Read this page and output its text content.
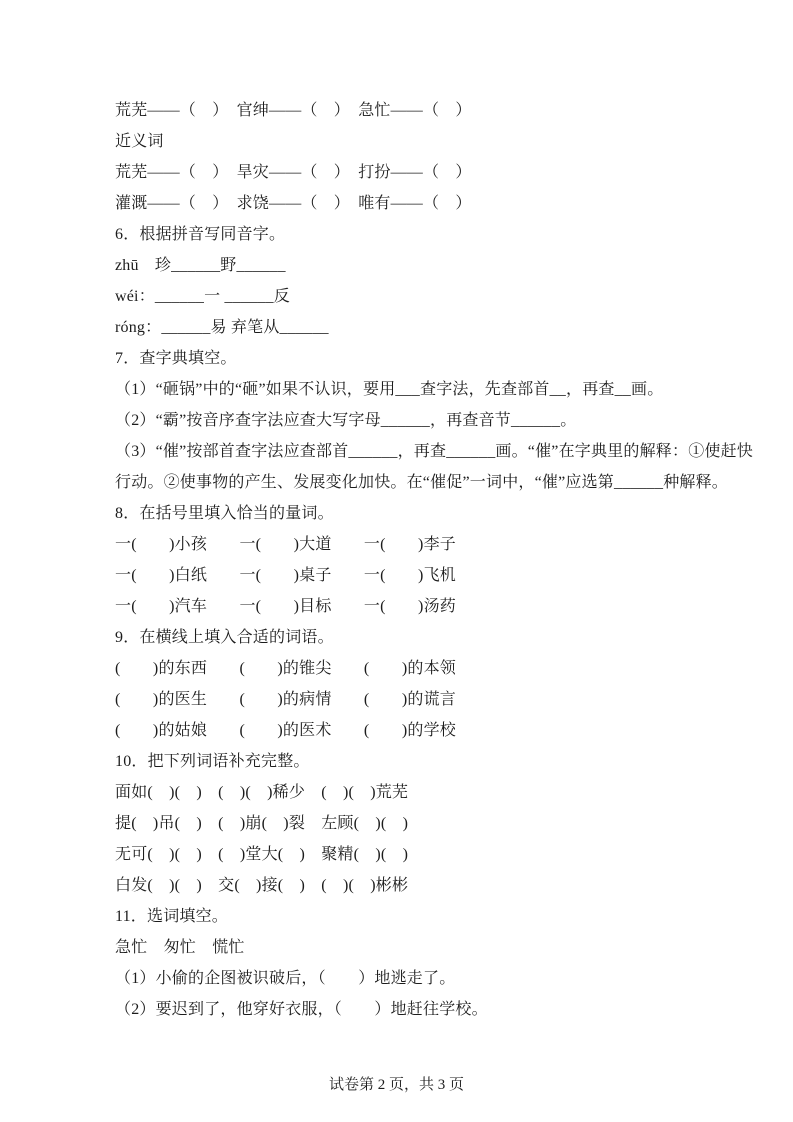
荒芜——（　）　官绅——（　）　急忙——（　）
近义词
荒芜——（　）　旱灾——（　）　打扮——（　）
灌溉——（　）　求饶——（　）　唯有——（　）
6．根据拼音写同音字。
zhū　珍______野______
wéi：______一 ______反
róng：______易 弃笔从______
7．查字典填空。
（1）“砸锅”中的“砸”如果不认识，要用___查字法，先查部首__，再查__画。
（2）“霸”按音序查字法应查大写字母______，再查音节______。
（3）“催”按部首查字法应查部首______，再查______画。“催”在字典里的解释：①使赶快
行动。②使事物的产生、发展变化加快。在“催促”一词中，“催”应选第______种解释。
8．在括号里填入恰当的量词。
一(　　)小孩　　一(　　)大道　　一(　　)李子
一(　　)白纸　　一(　　)桌子　　一(　　)飞机
一(　　)汽车　　一(　　)目标　　一(　　)汤药
9．在横线上填入合适的词语。
(　　)的东西　　(　　)的锥尖　　(　　)的本领
(　　)的医生　　(　　)的病情　　(　　)的谎言
(　　)的姑娘　　(　　)的医术　　(　　)的学校
10．把下列词语补充完整。
面如(　)(　)　(　)(　)稀少　(　)(　)荒芜
提(　)吊(　)　(　)崩(　)裂　左顾(　)(　)
无可(　)(　)　(　)堂大(　)　聚精(　)(　)
白发(　)(　)　交(　)接(　)　(　)(　)彬彬
11．选词填空。
急忙　匆忙　慌忙
（1）小偷的企图被识破后，（　　）地逃走了。
（2）要迟到了，他穿好衣服，（　　）地赶往学校。
试卷第 2 页，共 3 页
